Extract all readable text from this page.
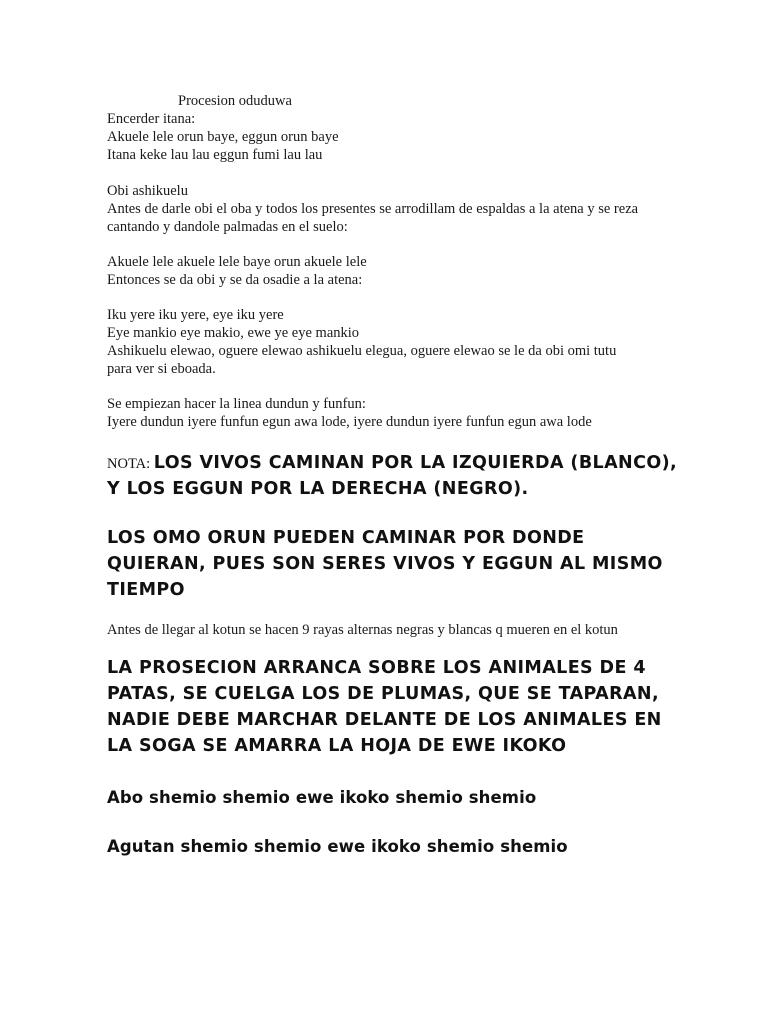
Procesion oduduwa
Encerder itana:
Akuele lele orun baye, eggun orun baye
Itana keke lau lau eggun fumi lau lau
Obi ashikuelu
Antes de darle obi el oba y todos los presentes se arrodillam de espaldas a la atena y se reza
cantando y dandole palmadas en el suelo:
Akuele lele akuele lele baye orun akuele lele
Entonces se da obi y se da osadie a la atena:
Iku yere iku yere, eye iku yere
Eye mankio eye makio, ewe ye eye mankio
Ashikuelu elewao, oguere elewao ashikuelu elegua, oguere elewao se le da obi omi tutu
para ver si eboada.
Se empiezan hacer la linea dundun y funfun:
Iyere dundun iyere funfun egun awa lode, iyere dundun iyere funfun egun awa lode
NOTA: LOS VIVOS CAMINAN POR LA IZQUIERDA (BLANCO),
Y LOS EGGUN POR LA DERECHA (NEGRO).
LOS OMO ORUN PUEDEN CAMINAR POR DONDE
QUIERAN, PUES SON SERES VIVOS Y EGGUN AL MISMO
TIEMPO
Antes de llegar al kotun se hacen 9 rayas alternas negras y blancas q mueren en el kotun
LA PROSECION ARRANCA SOBRE LOS ANIMALES DE 4
PATAS, SE CUELGA LOS DE PLUMAS, QUE SE TAPARAN,
NADIE DEBE MARCHAR DELANTE DE LOS ANIMALES EN
LA SOGA SE AMARRA LA HOJA DE EWE IKOKO
Abo shemio shemio ewe ikoko shemio shemio
Agutan shemio shemio ewe ikoko shemio shemio
